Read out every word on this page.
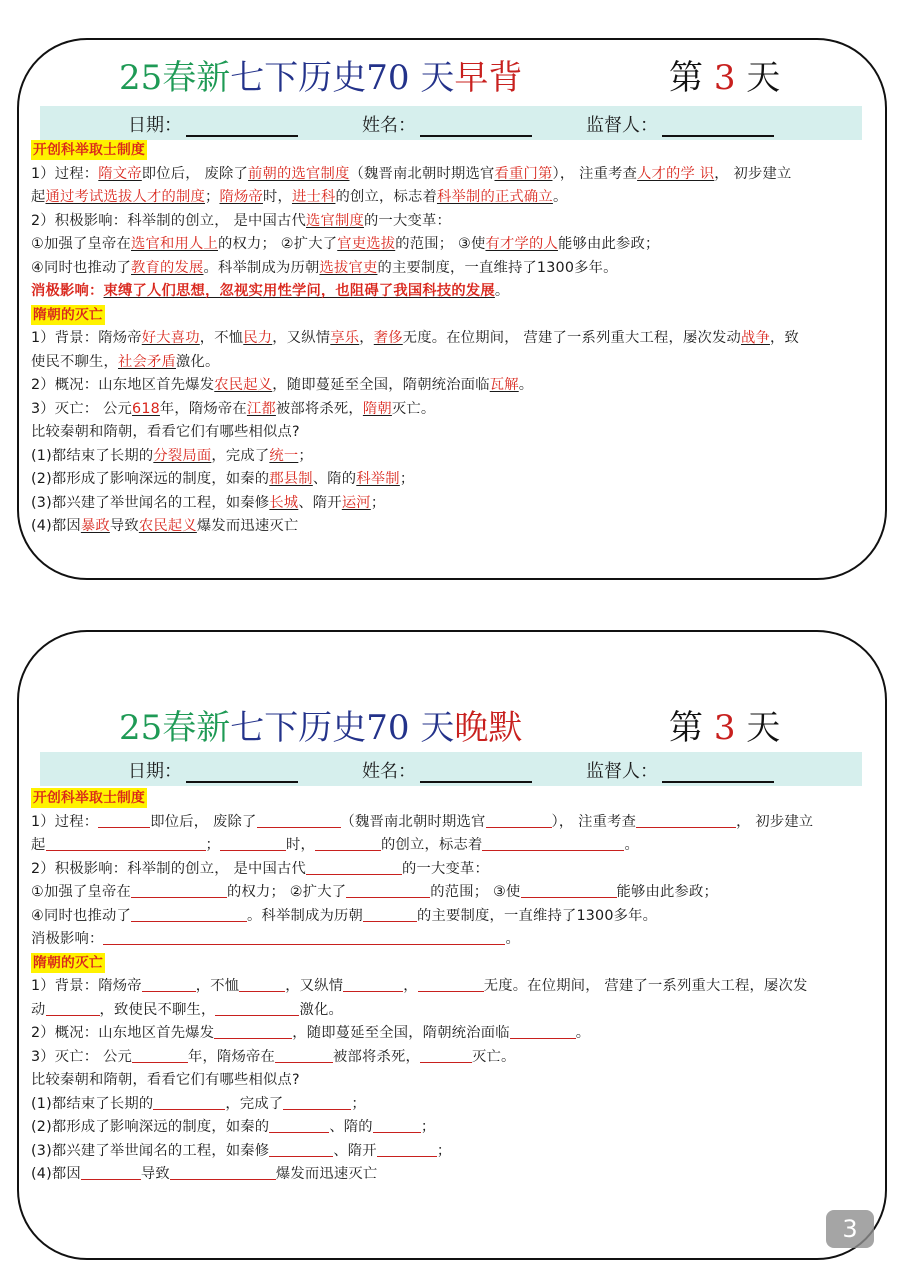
25春新七下历史70 天早背	第 3 天
日期：	姓名：	监督人：
开创科举取士制度
1）过程：隋文帝即位后， 废除了前朝的选官制度（魏晋南北朝时期选官看重门第）， 注重考查人才的学 识， 初步建立
起通过考试选拔人才的制度；隋炀帝时，进士科的创立，标志着科举制的正式确立。
2）积极影响：科举制的创立， 是中国古代选官制度的一大变革：
①加强了皇帝在选官和用人上的权力； ②扩大了官吏选拔的范围； ③使有才学的人能够由此参政；
④同时也推动了教育的发展。科举制成为历朝选拔官吏的主要制度，一直维持了1300多年。
消极影响：束缚了人们思想，忽视实用性学问，也阻碍了我国科技的发展。
隋朝的灭亡
1）背景：隋炀帝好大喜功，不恤民力，又纵情享乐，奢侈无度。在位期间， 营建了一系列重大工程，屡次发动战争，致
使民不聊生，社会矛盾激化。
2）概况：山东地区首先爆发农民起义，随即蔓延至全国，隋朝统治面临瓦解。
3）灭亡： 公元618年，隋炀帝在江都被部将杀死，隋朝灭亡。
比较秦朝和隋朝，看看它们有哪些相似点?
(1)都结束了长期的分裂局面，完成了统一；
(2)都形成了影响深远的制度，如秦的郡县制、隋的科举制；
(3)都兴建了举世闻名的工程，如秦修长城、隋开运河；
(4)都因暴政导致农民起义爆发而迅速灭亡
25春新七下历史70 天晚默	第 3 天
日期：	姓名：	监督人：
开创科举取士制度
1）过程：	即位后， 废除了	（魏晋南北朝时期选官	）， 注重考查	， 初步建立
起	；	时，	的创立，标志着	。
2）积极影响：科举制的创立， 是中国古代	的一大变革：
①加强了皇帝在	的权力； ②扩大了	的范围； ③使	能够由此参政；
④同时也推动了	。科举制成为历朝	的主要制度，一直维持了1300多年。
消极影响：	。
隋朝的灭亡
1）背景：隋炀帝	，不恤	，又纵情	，	无度。在位期间， 营建了一系列重大工程，屡次发
动	，致使民不聊生，	激化。
2）概况：山东地区首先爆发	，随即蔓延至全国，隋朝统治面临	。
3）灭亡： 公元	年，隋炀帝在	被部将杀死，	灭亡。
比较秦朝和隋朝，看看它们有哪些相似点?
(1)都结束了长期的	，完成了	；
(2)都形成了影响深远的制度，如秦的	、隋的	；
(3)都兴建了举世闻名的工程，如秦修	、隋开	；
(4)都因	导致	爆发而迅速灭亡
3
